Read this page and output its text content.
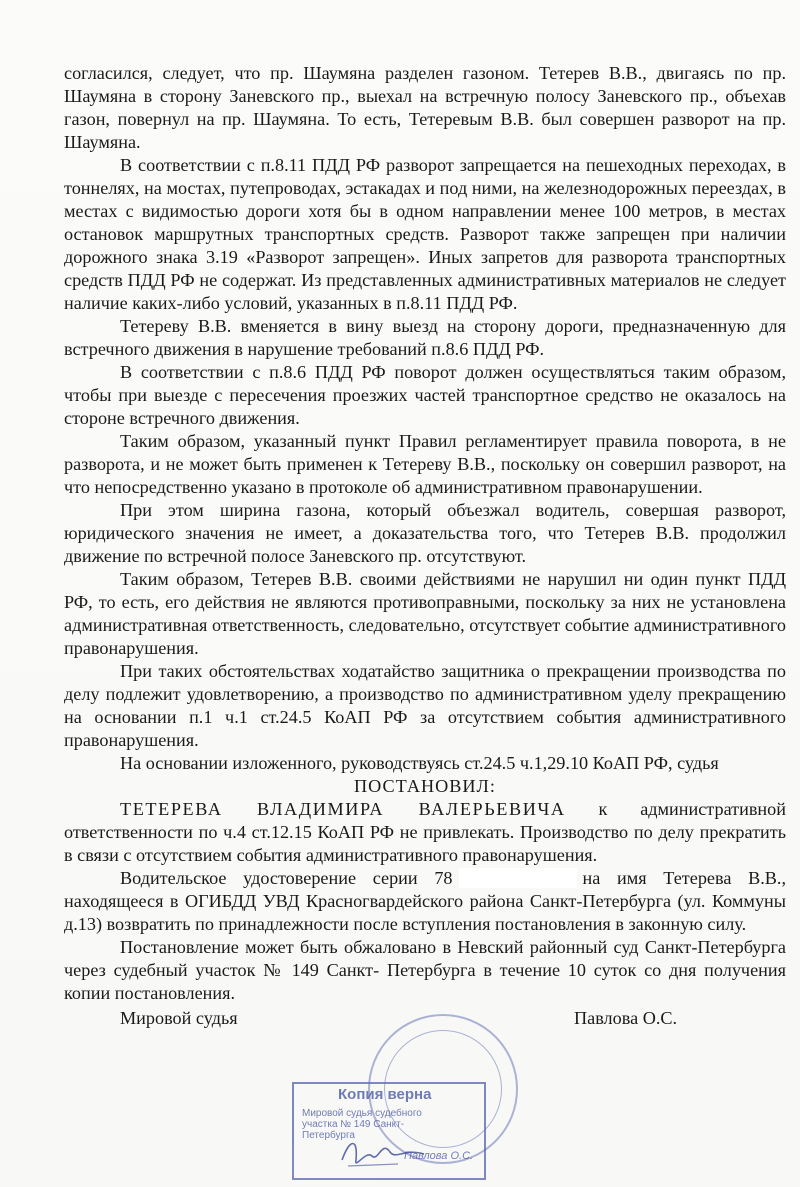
согласился, следует, что пр. Шаумяна разделен газоном. Тетерев В.В., двигаясь по пр. Шаумяна в сторону Заневского пр., выехал на встречную полосу Заневского пр., объехав газон, повернул на пр. Шаумяна. То есть, Тетеревым В.В. был совершен разворот на пр. Шаумяна.

В соответствии с п.8.11 ПДД РФ разворот запрещается на пешеходных переходах, в тоннелях, на мостах, путепроводах, эстакадах и под ними, на железнодорожных переездах, в местах с видимостью дороги хотя бы в одном направлении менее 100 метров, в местах остановок маршрутных транспортных средств. Разворот также запрещен при наличии дорожного знака 3.19 «Разворот запрещен». Иных запретов для разворота транспортных средств ПДД РФ не содержат. Из представленных административных материалов не следует наличие каких-либо условий, указанных в п.8.11 ПДД РФ.

Тетереву В.В. вменяется в вину выезд на сторону дороги, предназначенную для встречного движения в нарушение требований п.8.6 ПДД РФ.

В соответствии с п.8.6 ПДД РФ поворот должен осуществляться таким образом, чтобы при выезде с пересечения проезжих частей транспортное средство не оказалось на стороне встречного движения.

Таким образом, указанный пункт Правил регламентирует правила поворота, в не разворота, и не может быть применен к Тетереву В.В., поскольку он совершил разворот, на что непосредственно указано в протоколе об административном правонарушении.

При этом ширина газона, который объезжал водитель, совершая разворот, юридического значения не имеет, а доказательства того, что Тетерев В.В. продолжил движение по встречной полосе Заневского пр. отсутствуют.

Таким образом, Тетерев В.В. своими действиями не нарушил ни один пункт ПДД РФ, то есть, его действия не являются противоправными, поскольку за них не установлена административная ответственность, следовательно, отсутствует событие административного правонарушения.

При таких обстоятельствах ходатайство защитника о прекращении производства по делу подлежит удовлетворению, а производство по административном уделу прекращению на основании п.1 ч.1 ст.24.5 КоАП РФ за отсутствием события административного правонарушения.

На основании изложенного, руководствуясь ст.24.5 ч.1,29.10 КоАП РФ, судья

ПОСТАНОВИЛ:

ТЕТЕРЕВА ВЛАДИМИРА ВАЛЕРЬЕВИЧА к административной ответственности по ч.4 ст.12.15 КоАП РФ не привлекать. Производство по делу прекратить в связи с отсутствием события административного правонарушения.

Водительское удостоверение серии 78	на имя Тетерева В.В., находящееся в ОГИБДД УВД Красногвардейского района Санкт-Петербурга (ул. Коммуны д.13) возвратить по принадлежности после вступления постановления в законную силу.

Постановление может быть обжаловано в Невский районный суд Санкт-Петербурга через судебный участок № 149 Санкт- Петербурга в течение 10 суток со дня получения копии постановления.

Мировой судья	Павлова О.С.
Копия верна
Мировой судья судебного участка № 149 Санкт-Петербурга
Павлова О.С.
